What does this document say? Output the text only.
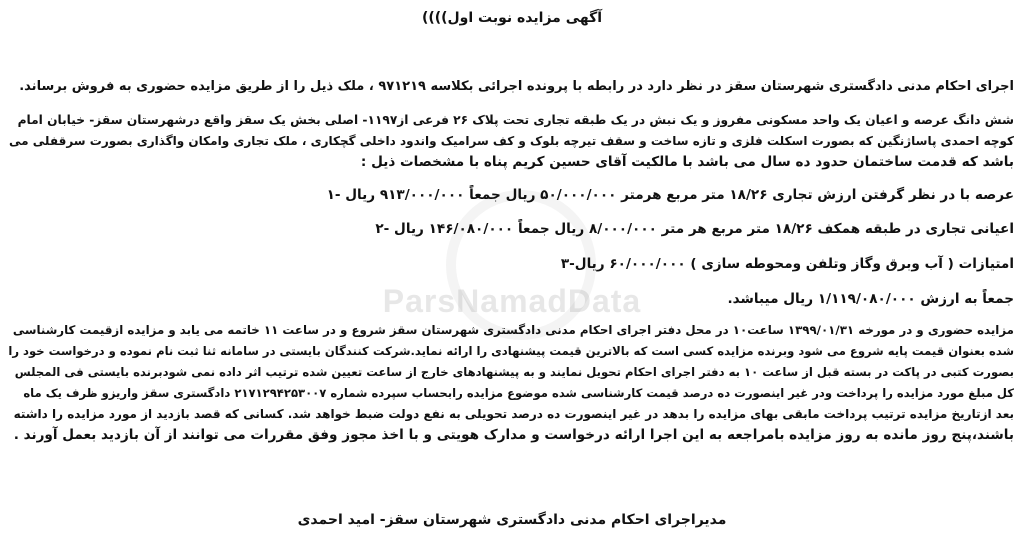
ParsNamadData
آگهی مزایده نوبت اول))))
اجرای احکام مدنی دادگستری شهرستان سقز در نظر دارد در رابطه با پرونده اجرائی بکلاسه ۹۷۱۲۱۹ ، ملک ذیل را از طریق مزایده حضوری به فروش برساند.
شش دانگ عرصه و اعیان یک واحد مسکونی مفروز و یک نبش در یک طبقه تجاری تحت پلاک ۲۶ فرعی از۱۱۹۷- اصلی بخش یک سقز واقع درشهرستان سقز- خیابان امام
کوچه احمدی پاساژنگین که بصورت اسکلت فلزی و تازه ساخت و سقف تیرچه بلوک و کف سرامیک واندود داخلی گچکاری ، ملک تجاری وامکان واگذاری بصورت سرقفلی می
باشد که قدمت ساختمان حدود ده سال می باشد با مالکیت آقای حسین کریم پناه با مشخصات ذیل :
عرصه با در نظر گرفتن ارزش تجاری ۱۸/۲۶ متر مربع هرمتر ۵۰/۰۰۰/۰۰۰ ریال جمعاً ۹۱۳/۰۰۰/۰۰۰ ریال -۱
اعیانی تجاری در طبقه همکف ۱۸/۲۶ متر مربع هر متر ۸/۰۰۰/۰۰۰ ریال جمعاً ۱۴۶/۰۸۰/۰۰۰ ریال -۲
امتیازات ( آب وبرق وگاز وتلفن ومحوطه سازی ) ۶۰/۰۰۰/۰۰۰ ریال-۳
جمعاً به ارزش ۱/۱۱۹/۰۸۰/۰۰۰ ریال میباشد.
مزایده حضوری و در مورخه ۱۳۹۹/۰۱/۳۱ ساعت۱۰ در محل دفتر اجرای احکام مدنی دادگستری شهرستان سقز شروع و در ساعت ۱۱ خاتمه می یابد و مزایده ازقیمت کارشناسی
شده بعنوان قیمت پایه شروع می شود وبرنده مزایده کسی است که بالاترین قیمت پیشنهادی را ارائه نماید.شرکت کنندگان بایستی در سامانه ثنا ثبت نام نموده و درخواست خود را
بصورت کتبی در پاکت در بسته قبل از ساعت ۱۰ به دفتر اجرای احکام تحویل نمایند و به پیشنهادهای خارج از ساعت تعیین شده ترتیب اثر داده نمی شودبرنده بایستی فی المجلس
کل مبلغ مورد مزایده را پرداخت ودر غیر اینصورت ده درصد قیمت کارشناسی شده موضوع مزایده رابحساب سپرده شماره ۲۱۷۱۲۹۴۲۵۳۰۰۷ دادگستری سقز واریزو ظرف یک ماه
بعد ازتاریخ مزایده ترتیب پرداخت مابقی بهای مزایده را بدهد در غیر اینصورت ده درصد تحویلی به نفع دولت ضبط خواهد شد. کسانی که قصد بازدید از مورد مزایده را داشته
باشند،پنج روز مانده به روز مزایده بامراجعه به این اجرا ارائه درخواست و مدارک هویتی و با اخذ مجوز وفق مقررات می توانند از آن بازدید بعمل آورند .
مدیراجرای احکام مدنی دادگستری شهرستان سقز- امید احمدی
